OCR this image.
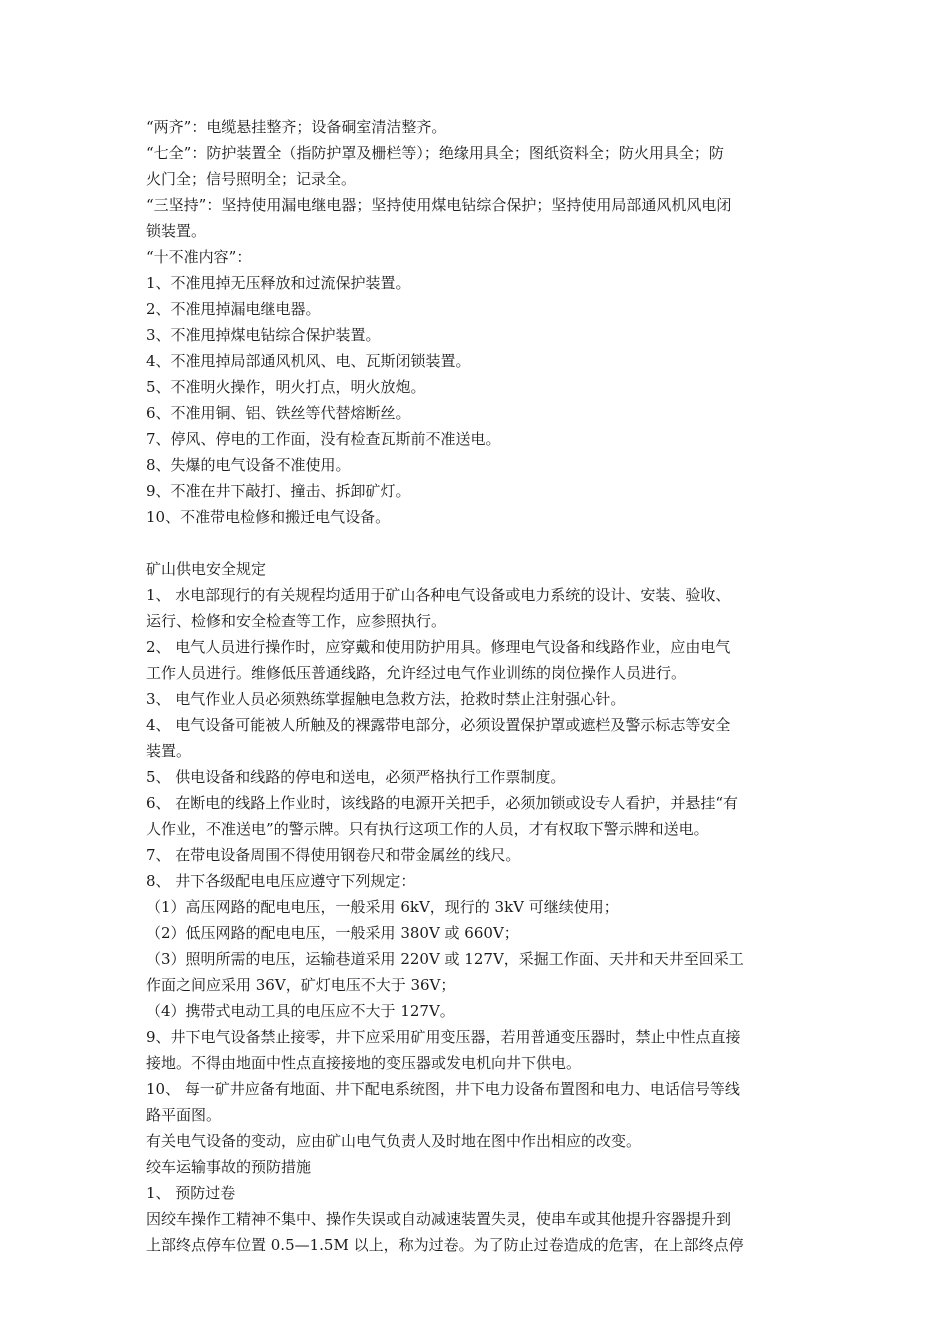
“两齐”：电缆悬挂整齐；设备硐室清洁整齐。
“七全”：防护装置全（指防护罩及栅栏等）；绝缘用具全；图纸资料全；防火用具全；防
火门全；信号照明全；记录全。
“三坚持”：坚持使用漏电继电器；坚持使用煤电钻综合保护；坚持使用局部通风机风电闭
锁装置。
“十不准内容”：
1、不准甩掉无压释放和过流保护装置。
2、不准甩掉漏电继电器。
3、不准甩掉煤电钻综合保护装置。
4、不准甩掉局部通风机风、电、瓦斯闭锁装置。
5、不准明火操作，明火打点，明火放炮。
6、不准用铜、铝、铁丝等代替熔断丝。
7、停风、停电的工作面，没有检查瓦斯前不准送电。
8、失爆的电气设备不准使用。
9、不准在井下敲打、撞击、拆卸矿灯。
10、不准带电检修和搬迁电气设备。
矿山供电安全规定
1、 水电部现行的有关规程均适用于矿山各种电气设备或电力系统的设计、安装、验收、
运行、检修和安全检查等工作，应参照执行。
2、 电气人员进行操作时，应穿戴和使用防护用具。修理电气设备和线路作业，应由电气
工作人员进行。维修低压普通线路，允许经过电气作业训练的岗位操作人员进行。
3、 电气作业人员必须熟练掌握触电急救方法，抢救时禁止注射强心针。
4、 电气设备可能被人所触及的裸露带电部分，必须设置保护罩或遮栏及警示标志等安全
装置。
5、 供电设备和线路的停电和送电，必须严格执行工作票制度。
6、 在断电的线路上作业时，该线路的电源开关把手，必须加锁或设专人看护，并悬挂“有
人作业，不准送电”的警示牌。只有执行这项工作的人员，才有权取下警示牌和送电。
7、 在带电设备周围不得使用钢卷尺和带金属丝的线尺。
8、 井下各级配电电压应遵守下列规定：
（1）高压网路的配电电压，一般采用 6kV，现行的 3kV 可继续使用；
（2）低压网路的配电电压，一般采用 380V 或 660V；
（3）照明所需的电压，运输巷道采用 220V 或 127V，采掘工作面、天井和天井至回采工
作面之间应采用 36V，矿灯电压不大于 36V；
（4）携带式电动工具的电压应不大于 127V。
9、井下电气设备禁止接零，井下应采用矿用变压器，若用普通变压器时，禁止中性点直接
接地。不得由地面中性点直接接地的变压器或发电机向井下供电。
10、 每一矿井应备有地面、井下配电系统图，井下电力设备布置图和电力、电话信号等线
路平面图。
有关电气设备的变动，应由矿山电气负责人及时地在图中作出相应的改变。
绞车运输事故的预防措施
1、 预防过卷
因绞车操作工精神不集中、操作失误或自动减速装置失灵，使串车或其他提升容器提升到
上部终点停车位置 0.5—1.5M 以上，称为过卷。为了防止过卷造成的危害，在上部终点停
